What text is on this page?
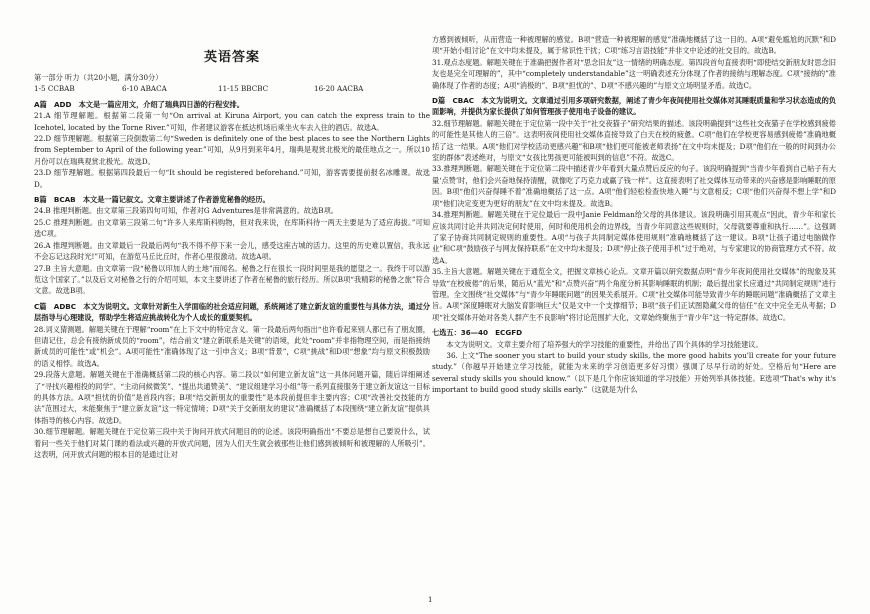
英语答案
第一部分 听力（共20小题，满分30分）
1-5 CCBAB	6-10 ABACA	11-15 BBCBC	16-20 AACBA
A篇　ADD　本文是一篇应用文，介绍了瑞典四日游的行程安排。
21.A 细节理解题。根据第二段第一句“On arrival at Kiruna Airport, you can catch the express train to the Icehotel, located by the Torne River.”可知，作者建议游客在抵达机场后乘坐火车去入住的酒店。故选A。
22.D 细节理解题。根据第三段倒数第二句“Sweden is definitely one of the best places to see the Northern Lights from September to April of the following year.”可知，从9月到来年4月，瑞典是观赏北极光的最佳地点之一。所以10月份可以在瑞典观赏北极光。故选D。
23.D 细节理解题。根据第四段最后一句“It should be registered beforehand.”可知，游客需要提前报名冰雕课。故选D。
B篇　BCAB　本文是一篇记叙文。文章主要讲述了作者游览秘鲁的经历。
24.B 推理判断题。由文章第三段第四句可知，作者对G Adventures是非常满意的。故选B项。
25.C 推理判断题。由文章第三段第二句“许多人来库斯科购物，但对我来说，在库斯科待一两天主要是为了适应海拔。”可知选C项。
26.A 推理判断题。由文章最后一段最后两句“我不得不停下来一会儿，感受这座古城的活力。这里的历史难以置信，我永远不会忘记这段时光!”可知，在游览马丘比丘时，作者心里很激动。故选A项。
27.B 主旨大意题。由文章第一段“秘鲁以印加人的土地”而闻名。秘鲁之行在很长一段时间里是我的愿望之一。我终于可以游览这个国家了。”以及后文对秘鲁之行的介绍可知，本文主要讲述了作者在秘鲁的旅行经历。所以B项“我精彩的秘鲁之旅”符合文意。故选B项。
C篇　ADBC　本文为说明文。文章针对新生入学面临的社会适应问题，系统阐述了建立新友谊的重要性与具体方法，通过分层指导与心理建设，帮助学生将适应挑战转化为个人成长的重要契机。
28.词义猜测题。解题关键在于理解“room”在上下文中的特定含义。第一段最后两句指出“也许看起来别人都已有了朋友圈，但请记住，总会有接纳新成员的“room”，结合前文“建立新联系是关键”的语境，此处“room”并非指物理空间，而是指接纳新成员的可能性“或”机会”。A项可能性“准确体现了这一引申含义；B项“背景”，C项“挑战”和D项“想象”均与原文积极鼓励的语义相悖。故选A。
29.段落大意题。解题关键在于准确概括第二段的核心内容。第二段以“如何建立新友谊”这一具体问题开篇，随后详细阐述了“寻找兴趣相投的同学”、“主动问候微笑”、“提出共通赞美”、“建议组建学习小组”等一系列直接服务于建立新友谊这一目标的具体方法。A项“担忧的价值”是首段内容；B项“结交新朋友的重要性”是本段前提但非主要内容；C项“改善社交技能的方法”范围过大，未能聚焦于“建立新友谊”这一特定情境；D项“关于交新朋友的建议”准确概括了本段围绕“建立新友谊”提供具体指导的核心内容。故选D。
30.细节理解题。解题关键在于定位第三段中关于询问开放式问题目的的论述。该段明确指出“不要总是想自己要说什么，试着问一些关于他们对某门课的看法或兴趣的开放式问题，因为人们天生就会被那些让他们感到被倾听和被理解的人所吸引”。这表明，问开放式问题的根本目的是通过让对
方感到被倾听，从而营造一种被理解的感觉。B项“营造一种被理解的感觉”准确地概括了这一目的。A项“避免尴尬的沉默”和D项“开始小组讨论”在文中均未提及，属于常识性干扰；C项“练习言语技能”并非文中论述的社交目的。故选B。
31.观点态度题。解题关键在于准确把握作者对“思念旧友”这一情绪的明确态度。第四段首句直接表明“即使结交新朋友时思念旧友也是完全可理解的”，其中“completely understandable”这一明确表述充分体现了作者的接纳与理解态度。C项“接纳的”准确体现了作者的态度；A项“消极的”、B项“担忧的”、D项“不感兴趣的”与原文立场明显矛盾。故选C。
D篇　CBAC　本文为说明文。文章通过引用多项研究数据，阐述了青少年夜间使用社交媒体对其睡眠质量和学习状态造成的负面影响，并提供为家长提供了如何管理孩子使用电子设备的建议。
32.细节理解题。解题关键在于定位第一段中关于“社交夜猫子”研究结果的描述。该段明确提到“这些社交夜猫子在学校感到疲倦的可能性是其他人的三倍”。这表明夜间使用社交媒体直接导致了白天在校的疲惫。C项“他们在学校更容易感到疲倦”准确地概括了这一结果。A项“他们对学校活动更感兴趣”和B项“他们更可能被老师表扬”在文中均未提及；D项“他们在一般的时间到办公室的群体”表述绝对，与原文“女孩比男孩更可能被叫到的信息”不符。故选C。
33.推理判断题。解题关键在于定位第二段中描述青少年看到大量点赞后反应的句子。该段明确提到“当青少年看到自己帖子有大量‘点赞’时，他们会兴奋地保持清醒，就像吃了巧克力或赢了钱一样”。这直接表明了社交媒体互动带来的兴奋感是影响睡眠的原因。B项“他们兴奋得睡不着”准确地概括了这一点。A项“他们轻松检查快地入睡”与文意相反；C项“他们兴奋得不想上学”和D项“他们决定变更为更好的朋友”在文中均未提及。故选B。
34.推理判断题。解题关键在于定位最后一段中Janie Feldman给父母的具体建议。该段明确引用其观点“因此，青少年和家长应该共同讨论并共同决定何时使用，何时和使用机会的边界线，当青少年同意这些规则时，父母就要尊重和执行……”。这强调了家子协商共同制定规则的重要性。A项“与孩子共同制定媒体使用规则”准确地概括了这一建议。B项“让孩子通过电脑做作业”和C项“鼓励孩子与网友保持联系”在文中均未提及；D项“停止孩子使用手机”过于绝对，与专家建议的协商管理方式不符。故选A。
35.主旨大意题。解题关键在于通览全文，把握文章核心论点。文章开篇以研究数据点明“青少年夜间使用社交媒体”的现象及其导致“在校疲倦”的后果，随后从“蓝光”和“点赞兴奋”两个角度分析其影响睡眠的机制；最后提出家长应通过“共同制定规则”进行管理。全文围绕“社交媒体”与“青少年睡眠问题”的因果关系展开。C项“社交媒体可能导致青少年的睡眠问题”准确概括了文章主旨。A项“深度睡眠对大脑发育影响巨大”仅是文中一个支撑细节；B项“孩子们正试图隐藏父母的信任”在文中完全无从考据；D项“社交媒体开始对各类人群产生不良影响”将讨论范围扩大化，文章始终聚焦于“青少年”这一特定群体。故选C。
七选五：36—40　ECGFD
本文为说明文。文章主要介绍了培养强大的学习技能的重要性，并给出了四个具体的学习技能建议。
36. 上文“The sooner you start to build your study skills, the more good habits you'll create for your future study.”（你越早开始建立学习技能，就能为未来的学习创造更多好习惯）强调了尽早行动的好处。空格后句“Here are several study skills you should know.”（以下是几个你应该知道的学习技能）开始列举具体技能。E选项“That's why it's important to build good study skills early.”（这就是为什么
1
